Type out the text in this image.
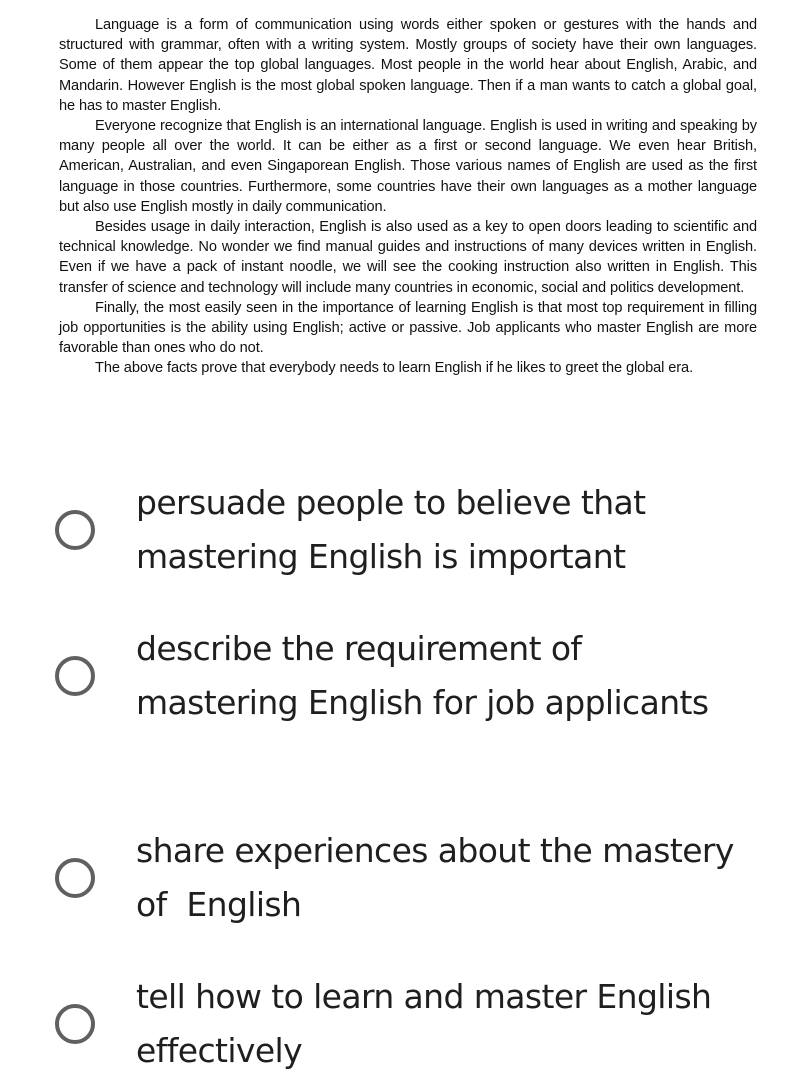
Language is a form of communication using words either spoken or gestures with the hands and structured with grammar, often with a writing system. Mostly groups of society have their own languages. Some of them appear the top global languages. Most people in the world hear about English, Arabic, and Mandarin. However English is the most global spoken language. Then if a man wants to catch a global goal, he has to master English.

Everyone recognize that English is an international language. English is used in writing and speaking by many people all over the world. It can be either as a first or second language. We even hear British, American, Australian, and even Singaporean English. Those various names of English are used as the first language in those countries. Furthermore, some countries have their own languages as a mother language but also use English mostly in daily communication.

Besides usage in daily interaction, English is also used as a key to open doors leading to scientific and technical knowledge. No wonder we find manual guides and instructions of many devices written in English. Even if we have a pack of instant noodle, we will see the cooking instruction also written in English. This transfer of science and technology will include many countries in economic, social and politics development.

Finally, the most easily seen in the importance of learning English is that most top requirement in filling job opportunities is the ability using English; active or passive. Job applicants who master English are more favorable than ones who do not.

The above facts prove that everybody needs to learn English if he likes to greet the global era.

persuade people to believe that mastering English is important
describe the requirement of mastering English for job applicants
share experiences about the mastery of  English
tell how to learn and master English effectively
